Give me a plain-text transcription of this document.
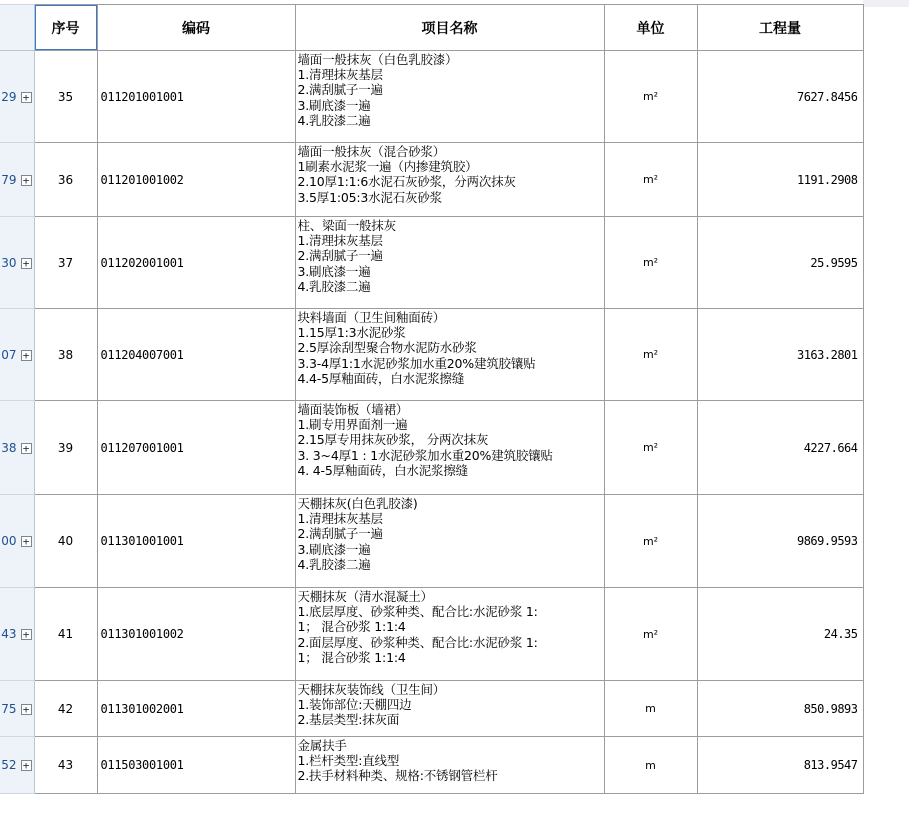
	序号	编码	项目名称	单位	工程量
29 +	35	011201001001	墙面一般抹灰（白色乳胶漆）
1.清理抹灰基层
2.满刮腻子一遍
3.刷底漆一遍
4.乳胶漆二遍	m²	7627.8456
79 +	36	011201001002	墙面一般抹灰（混合砂浆）
1刷素水泥浆一遍（内掺建筑胶）
2.10厚1:1:6水泥石灰砂浆，分两次抹灰
3.5厚1:05:3水泥石灰砂浆	m²	1191.2908
30 +	37	011202001001	柱、梁面一般抹灰
1.清理抹灰基层
2.满刮腻子一遍
3.刷底漆一遍
4.乳胶漆二遍	m²	25.9595
07 +	38	011204007001	块料墙面（卫生间釉面砖）
1.15厚1:3水泥砂浆
2.5厚涂刮型聚合物水泥防水砂浆
3.3-4厚1:1水泥砂浆加水重20%建筑胶镶贴
4.4-5厚釉面砖，白水泥浆擦缝	m²	3163.2801
38 +	39	011207001001	墙面装饰板（墙裙）
1.刷专用界面剂一遍
2.15厚专用抹灰砂浆， 分两次抹灰
3. 3~4厚1 : 1水泥砂浆加水重20%建筑胶镶贴
4. 4-5厚釉面砖，白水泥浆擦缝	m²	4227.664
00 +	40	011301001001	天棚抹灰(白色乳胶漆)
1.清理抹灰基层
2.满刮腻子一遍
3.刷底漆一遍
4.乳胶漆二遍	m²	9869.9593
43 +	41	011301001002	天棚抹灰（清水混凝土）
1.底层厚度、砂浆种类、配合比:水泥砂浆 1:
1； 混合砂浆 1:1:4
2.面层厚度、砂浆种类、配合比:水泥砂浆 1:
1； 混合砂浆 1:1:4	m²	24.35
75 +	42	011301002001	天棚抹灰装饰线（卫生间）
1.装饰部位:天棚四边
2.基层类型:抹灰面	m	850.9893
52 +	43	011503001001	金属扶手
1.栏杆类型:直线型
2.扶手材料种类、规格:不锈钢管栏杆	m	813.9547
